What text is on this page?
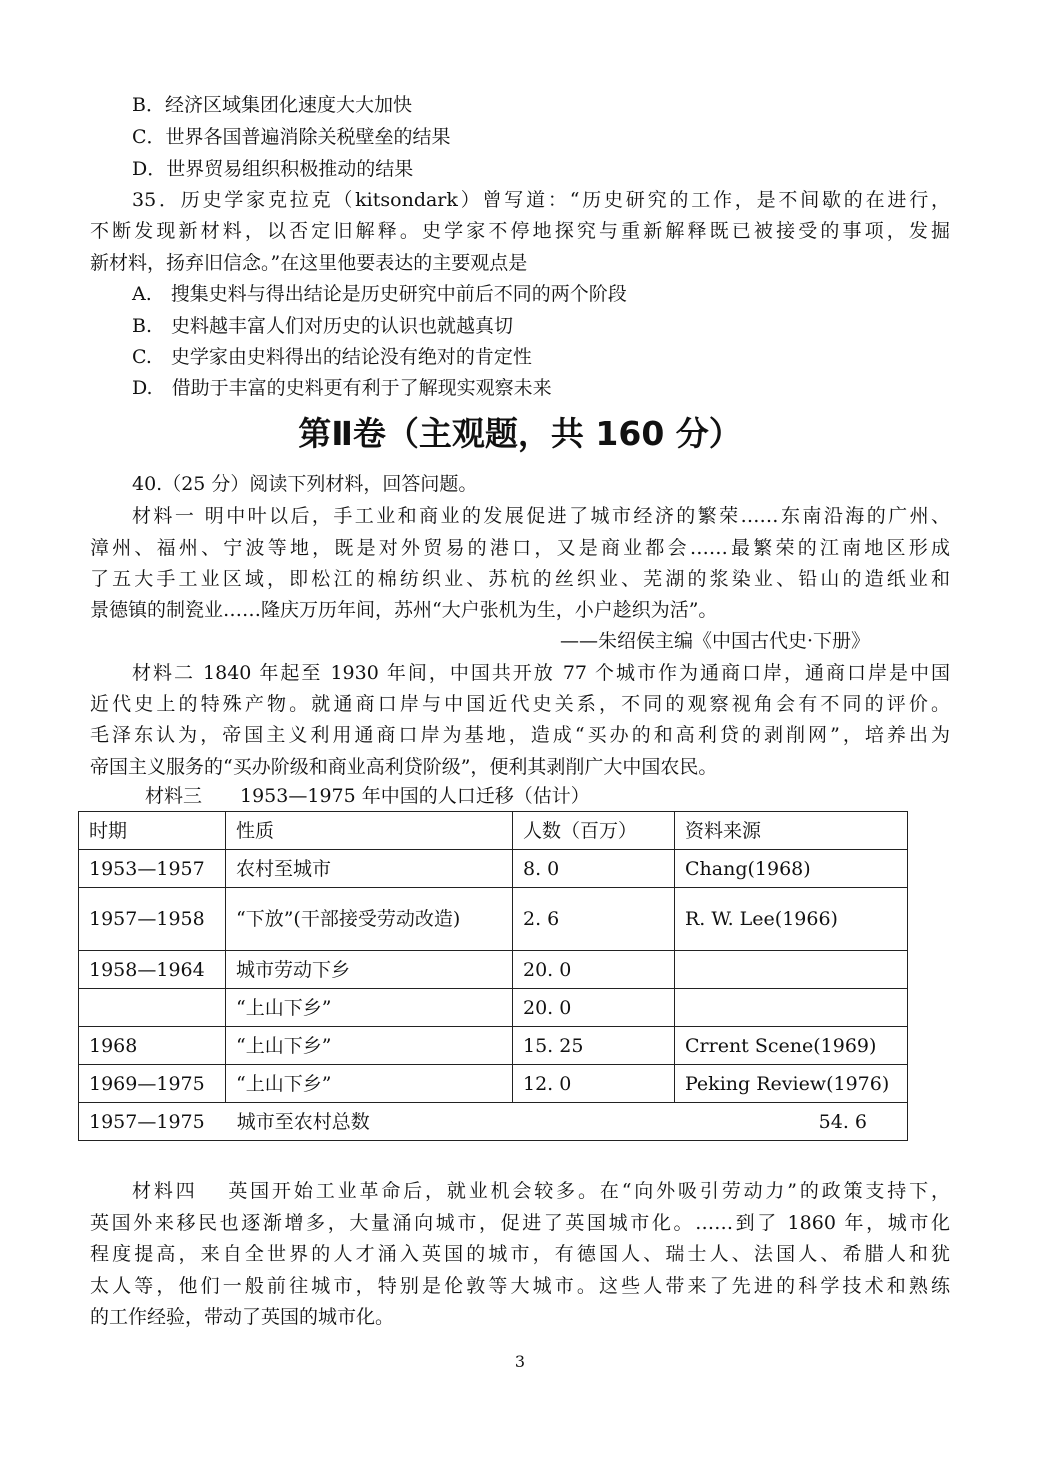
B．经济区域集团化速度大大加快
C．世界各国普遍消除关税壁垒的结果
D．世界贸易组织积极推动的结果
35．历史学家克拉克（kitsondark）曾写道：“历史研究的工作，是不间歇的在进行，
不断发现新材料，以否定旧解释。史学家不停地探究与重新解释既已被接受的事项，发掘
新材料，扬弃旧信念。”在这里他要表达的主要观点是
A.　搜集史料与得出结论是历史研究中前后不同的两个阶段
B.　史料越丰富人们对历史的认识也就越真切
C.　史学家由史料得出的结论没有绝对的肯定性
D.　借助于丰富的史料更有利于了解现实观察未来
第Ⅱ卷（主观题，共 160 分）
40.（25 分）阅读下列材料，回答问题。
材料一 明中叶以后，手工业和商业的发展促进了城市经济的繁荣……东南沿海的广州、
漳州、福州、宁波等地，既是对外贸易的港口，又是商业都会……最繁荣的江南地区形成
了五大手工业区域，即松江的棉纺织业、苏杭的丝织业、芜湖的浆染业、铅山的造纸业和
景德镇的制瓷业……隆庆万历年间，苏州“大户张机为生，小户趁织为活”。
——朱绍侯主编《中国古代史·下册》
材料二 1840 年起至 1930 年间，中国共开放 77 个城市作为通商口岸，通商口岸是中国
近代史上的特殊产物。就通商口岸与中国近代史关系，不同的观察视角会有不同的评价。
毛泽东认为，帝国主义利用通商口岸为基地，造成“买办的和高利贷的剥削网”，培养出为
帝国主义服务的“买办阶级和商业高利贷阶级”，便利其剥削广大中国农民。
材料三　　1953—1975 年中国的人口迁移（估计）
时期	性质	人数（百万）	资料来源
1953—1957	农村至城市	8. 0	Chang(1968)
1957—1958	“下放”(干部接受劳动改造)	2. 6	R. W. Lee(1966)
1958—1964	城市劳动下乡	20. 0	
	“上山下乡”	20. 0	
1968	“上山下乡”	15. 25	Crrent Scene(1969)
1969—1975	“上山下乡”	12. 0	Peking Review(1976)
1957—1975 城市至农村总数 54. 6			
材料四　 英国开始工业革命后，就业机会较多。在“向外吸引劳动力”的政策支持下，
英国外来移民也逐渐增多，大量涌向城市，促进了英国城市化。……到了 1860 年，城市化
程度提高，来自全世界的人才涌入英国的城市，有德国人、瑞士人、法国人、希腊人和犹
太人等，他们一般前往城市，特别是伦敦等大城市。这些人带来了先进的科学技术和熟练
的工作经验，带动了英国的城市化。
3
